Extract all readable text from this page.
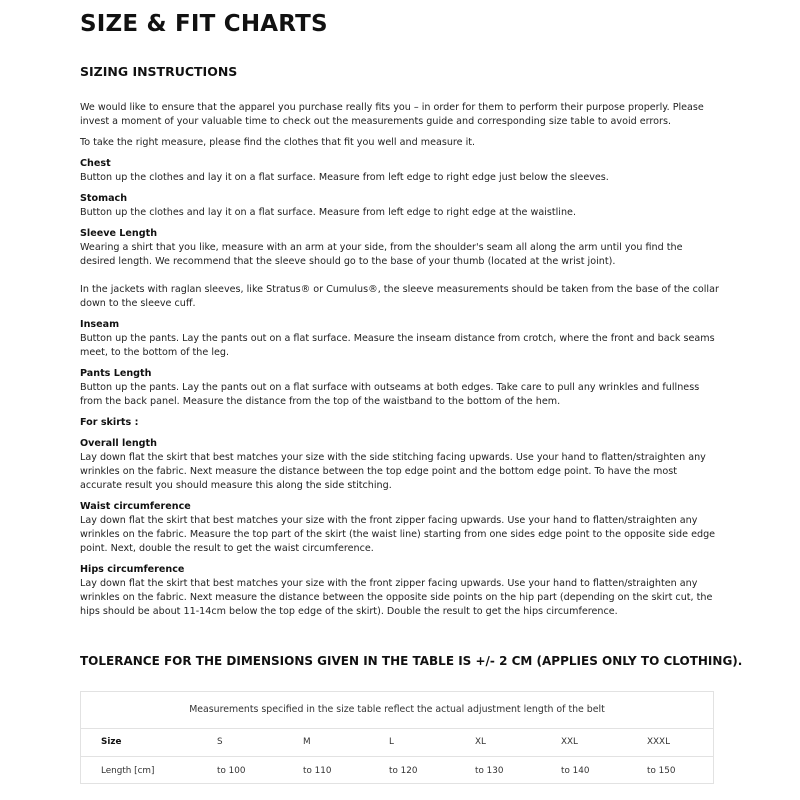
SIZE & FIT CHARTS
SIZING INSTRUCTIONS

We would like to ensure that the apparel you purchase really fits you – in order for them to perform their purpose properly. Please invest a moment of your valuable time to check out the measurements guide and corresponding size table to avoid errors.

To take the right measure, please find the clothes that fit you well and measure it.

Chest

Button up the clothes and lay it on a flat surface. Measure from left edge to right edge just below the sleeves.

Stomach

Button up the clothes and lay it on a flat surface. Measure from left edge to right edge at the waistline.

Sleeve Length

Wearing a shirt that you like, measure with an arm at your side, from the shoulder's seam all along the arm until you find the desired length. We recommend that the sleeve should go to the base of your thumb (located at the wrist joint).

In the jackets with raglan sleeves, like Stratus® or Cumulus®, the sleeve measurements should be taken from the base of the collar down to the sleeve cuff.

Inseam

Button up the pants. Lay the pants out on a flat surface. Measure the inseam distance from crotch, where the front and back seams meet, to the bottom of the leg.

Pants Length

Button up the pants. Lay the pants out on a flat surface with outseams at both edges. Take care to pull any wrinkles and fullness from the back panel. Measure the distance from the top of the waistband to the bottom of the hem.

For skirts :

Overall length

Lay down flat the skirt that best matches your size with the side stitching facing upwards. Use your hand to flatten/straighten any wrinkles on the fabric. Next measure the distance between the top edge point and the bottom edge point. To have the most accurate result you should measure this along the side stitching.

Waist circumference

Lay down flat the skirt that best matches your size with the front zipper facing upwards. Use your hand to flatten/straighten any wrinkles on the fabric. Measure the top part of the skirt (the waist line) starting from one sides edge point to the opposite side edge point. Next, double the result to get the waist circumference.

Hips circumference

Lay down flat the skirt that best matches your size with the front zipper facing upwards. Use your hand to flatten/straighten any wrinkles on the fabric. Next measure the distance between the opposite side points on the hip part (depending on the skirt cut, the hips should be about 11-14cm below the top edge of the skirt). Double the result to get the hips circumference.

TOLERANCE FOR THE DIMENSIONS GIVEN IN THE TABLE IS +/- 2 CM (APPLIES ONLY TO CLOTHING).
Measurements specified in the size table reflect the actual adjustment length of the belt
Size	S	M	L	XL	XXL	XXXL
Length [cm]	to 100	to 110	to 120	to 130	to 140	to 150
